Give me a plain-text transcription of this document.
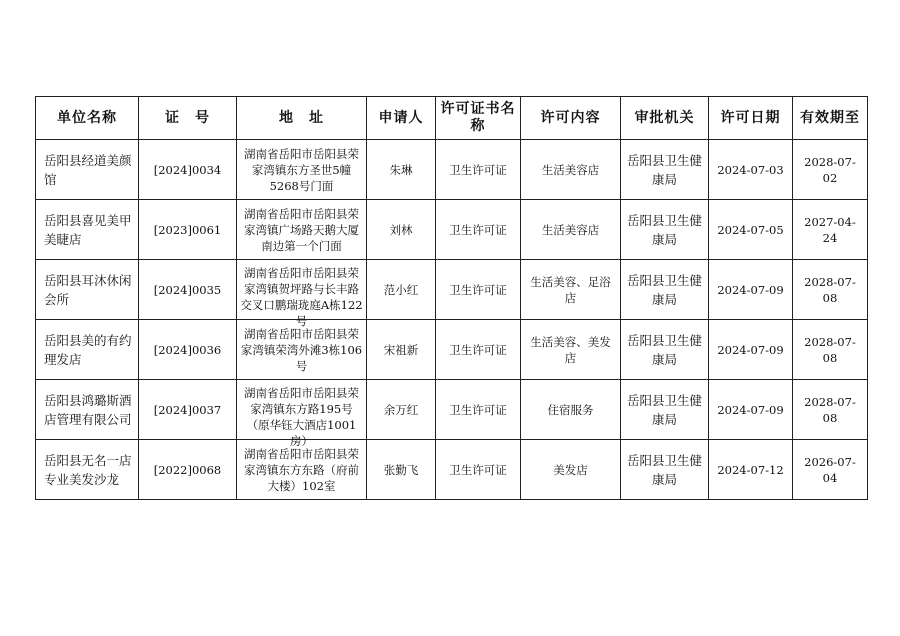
单位名称	证　号	地　址	申请人	许可证书名称	许可内容	审批机关	许可日期	有效期至
岳阳县经道美颜馆	[2024]0034	湖南省岳阳市岳阳县荣家湾镇东方圣世5幢5268号门面	朱琳	卫生许可证	生活美容店	岳阳县卫生健康局	2024-07-03	2028-07-02
岳阳县喜见美甲美睫店	[2023]0061	湖南省岳阳市岳阳县荣家湾镇广场路天鹅大厦南边第一个门面	刘林	卫生许可证	生活美容店	岳阳县卫生健康局	2024-07-05	2027-04-24
岳阳县耳沐休闲会所	[2024]0035	湖南省岳阳市岳阳县荣家湾镇贺坪路与长丰路交叉口鹏瑞珑庭A栋122号	范小红	卫生许可证	生活美容、足浴店	岳阳县卫生健康局	2024-07-09	2028-07-08
岳阳县美的有约理发店	[2024]0036	湖南省岳阳市岳阳县荣家湾镇荣湾外滩3栋106号	宋祖新	卫生许可证	生活美容、美发店	岳阳县卫生健康局	2024-07-09	2028-07-08
岳阳县鸿璐斯酒店管理有限公司	[2024]0037	湖南省岳阳市岳阳县荣家湾镇东方路195号（原华钰大酒店1001房）	余万红	卫生许可证	住宿服务	岳阳县卫生健康局	2024-07-09	2028-07-08
岳阳县无名一店专业美发沙龙	[2022]0068	湖南省岳阳市岳阳县荣家湾镇东方东路（府前大楼）102室	张勤飞	卫生许可证	美发店	岳阳县卫生健康局	2024-07-12	2026-07-04
